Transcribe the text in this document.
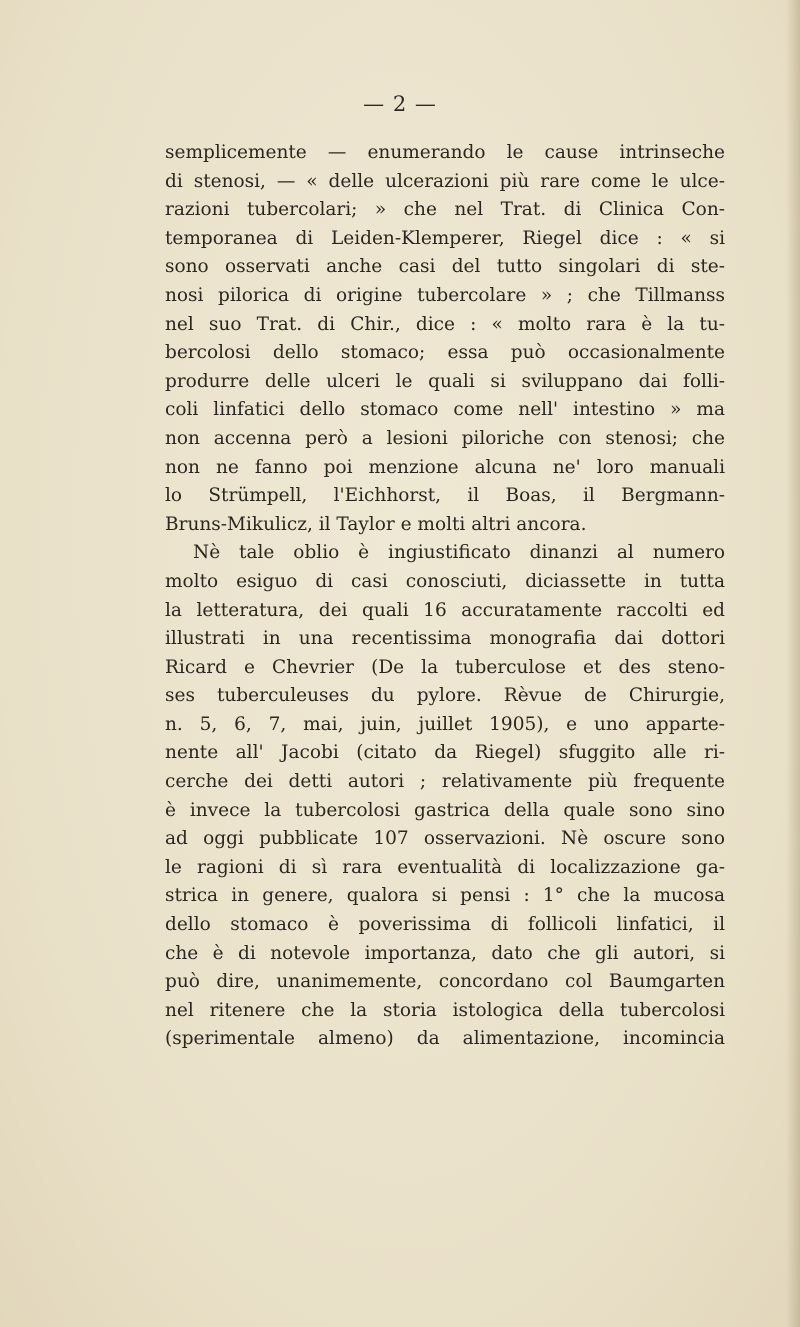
— 2 —
semplicemente — enumerando le cause intrinseche
di stenosi, — « delle ulcerazioni più rare come le ulce-
razioni tubercolari; » che nel Trat. di Clinica Con-
temporanea di Leiden-Klemperer, Riegel dice : « si
sono osservati anche casi del tutto singolari di ste-
nosi pilorica di origine tubercolare » ; che Tillmanss
nel suo Trat. di Chir., dice : « molto rara è la tu-
bercolosi dello stomaco; essa può occasionalmente
produrre delle ulceri le quali si sviluppano dai folli-
coli linfatici dello stomaco come nell' intestino » ma
non accenna però a lesioni piloriche con stenosi; che
non ne fanno poi menzione alcuna ne' loro manuali
lo Strümpell, l'Eichhorst, il Boas, il Bergmann-
Bruns-Mikulicz, il Taylor e molti altri ancora.
Nè tale oblio è ingiustificato dinanzi al numero
molto esiguo di casi conosciuti, diciassette in tutta
la letteratura, dei quali 16 accuratamente raccolti ed
illustrati in una recentissima monografia dai dottori
Ricard e Chevrier (De la tuberculose et des steno-
ses tuberculeuses du pylore. Rèvue de Chirurgie,
n. 5, 6, 7, mai, juin, juillet 1905), e uno apparte-
nente all' Jacobi (citato da Riegel) sfuggito alle ri-
cerche dei detti autori ; relativamente più frequente
è invece la tubercolosi gastrica della quale sono sino
ad oggi pubblicate 107 osservazioni. Nè oscure sono
le ragioni di sì rara eventualità di localizzazione ga-
strica in genere, qualora si pensi : 1° che la mucosa
dello stomaco è poverissima di follicoli linfatici, il
che è di notevole importanza, dato che gli autori, si
può dire, unanimemente, concordano col Baumgarten
nel ritenere che la storia istologica della tubercolosi
(sperimentale almeno) da alimentazione, incomincia
